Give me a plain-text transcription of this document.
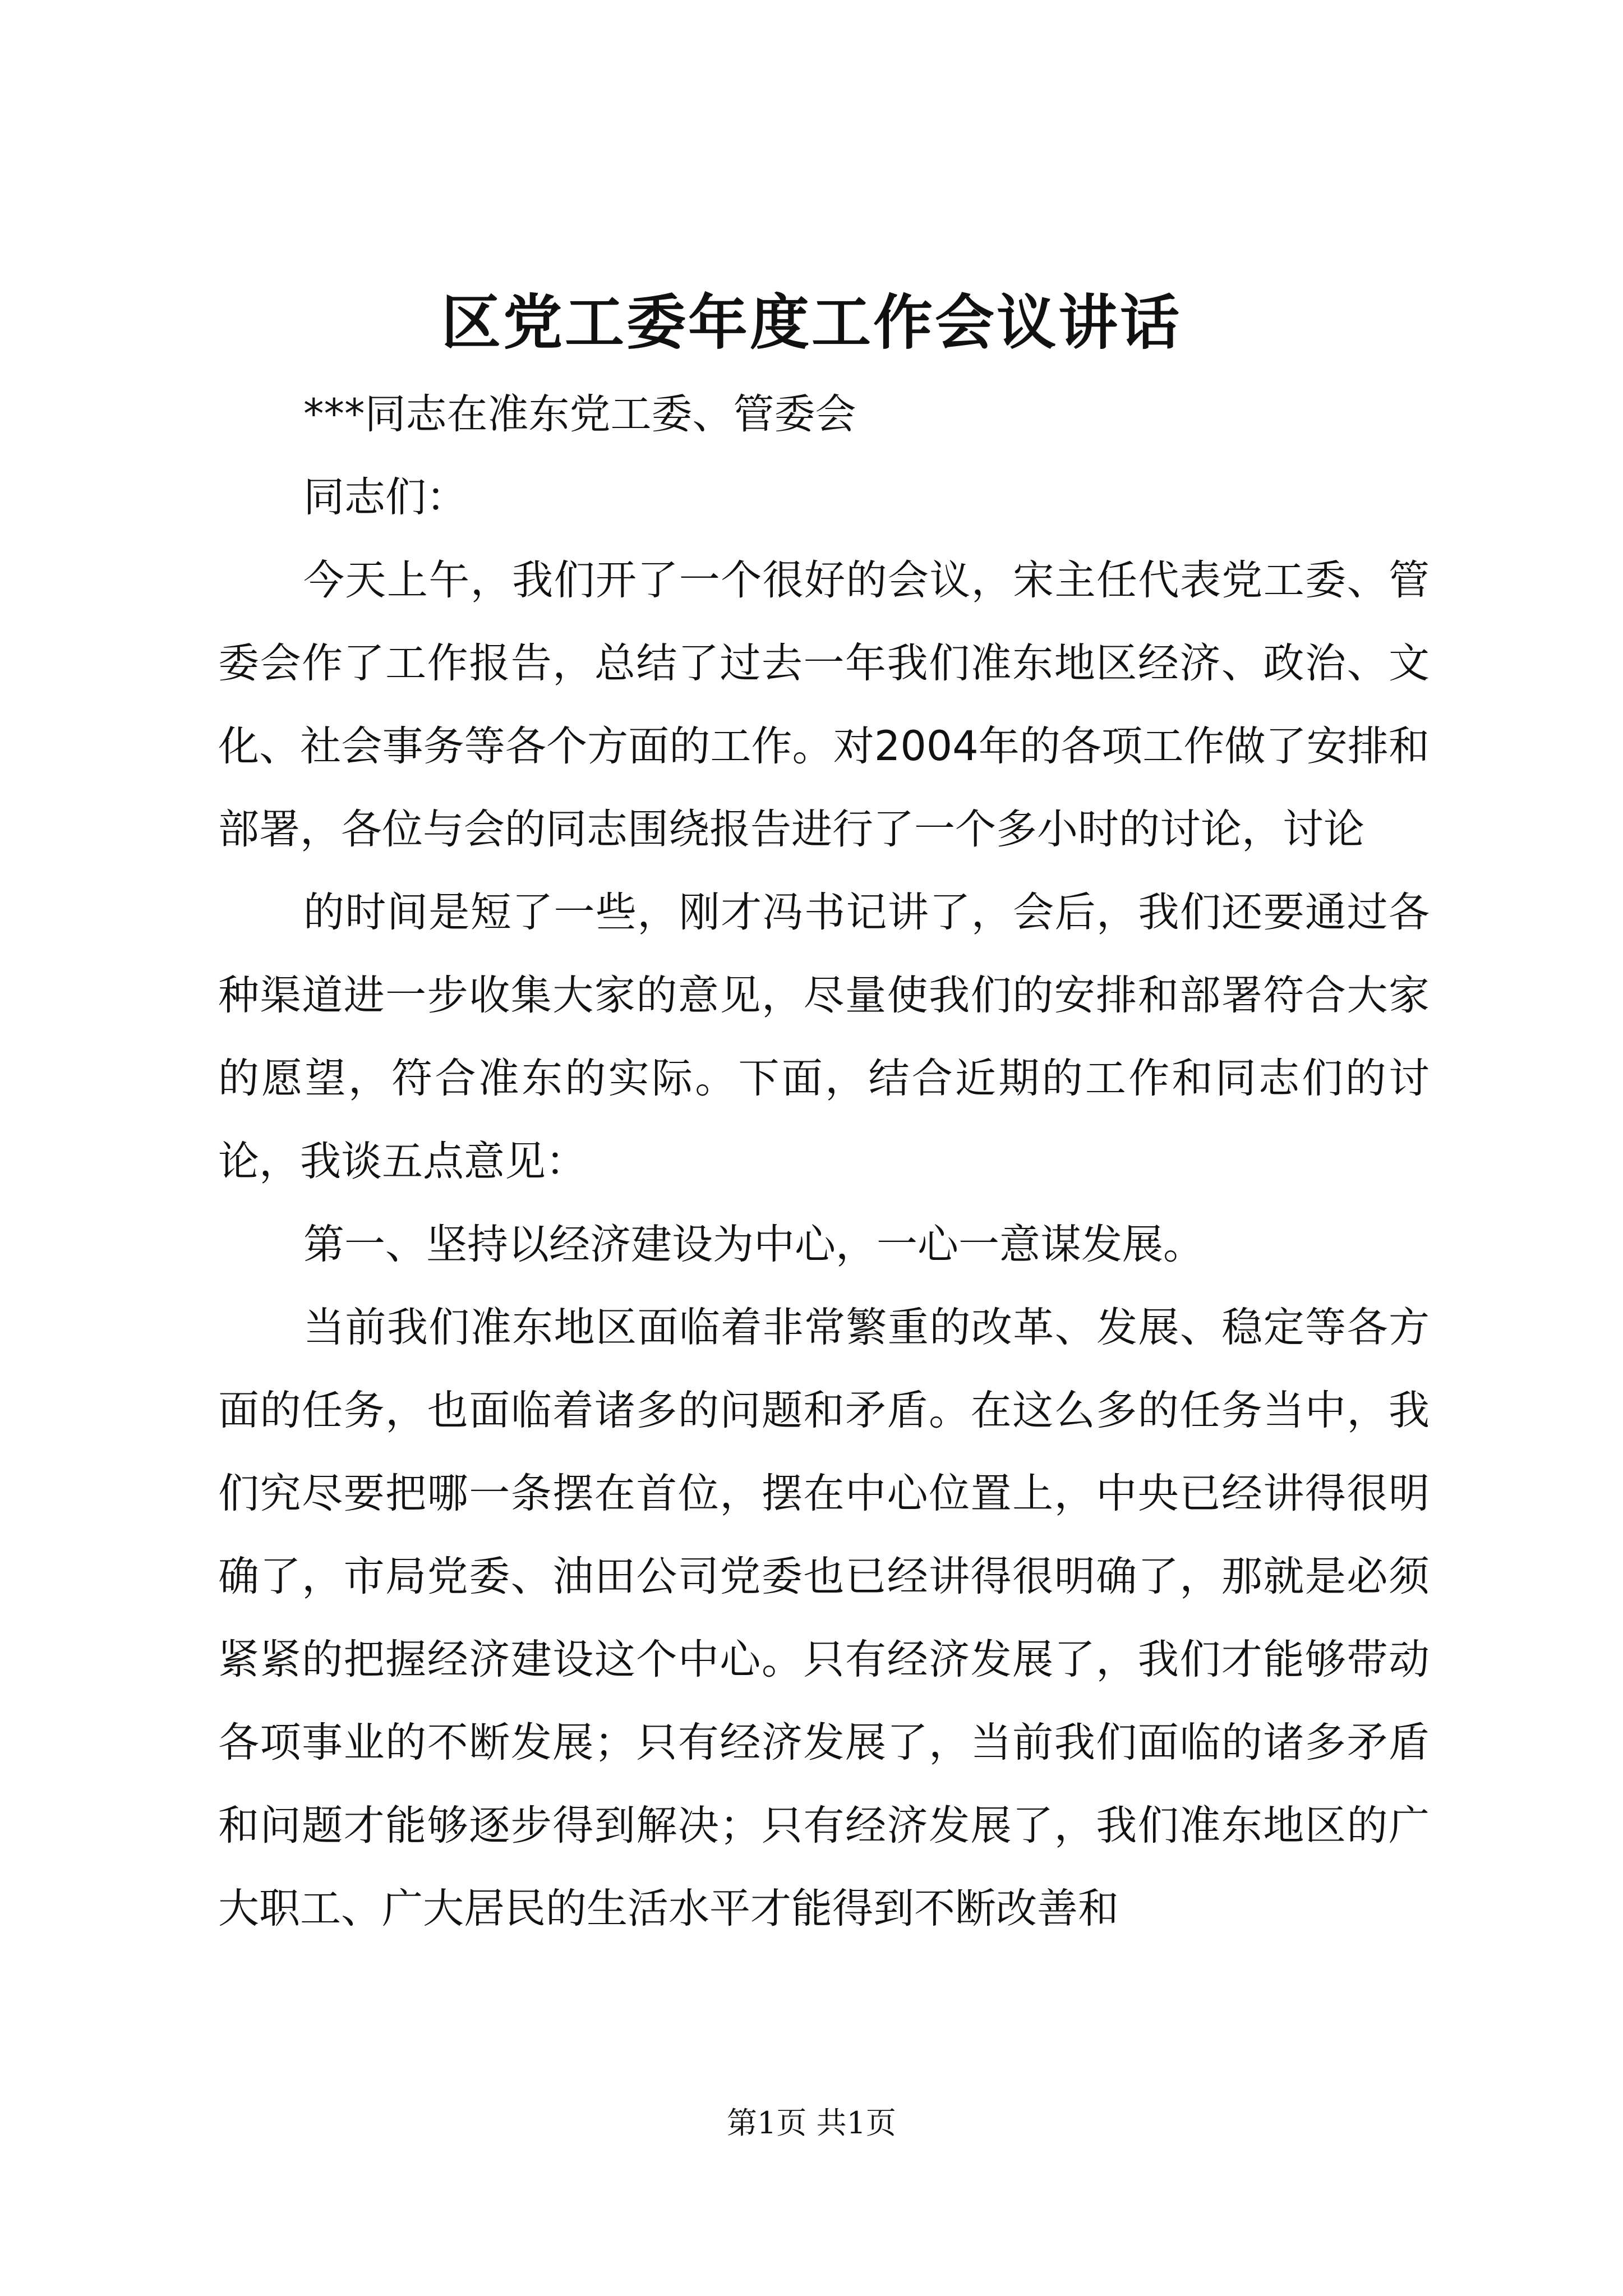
区党工委年度工作会议讲话

***同志在准东党工委、管委会

同志们：

今天上午，我们开了一个很好的会议，宋主任代表党工委、管委会作了工作报告，总结了过去一年我们准东地区经济、政治、文化、社会事务等各个方面的工作。对2004年的各项工作做了安排和部署，各位与会的同志围绕报告进行了一个多小时的讨论，讨论

的时间是短了一些，刚才冯书记讲了，会后，我们还要通过各种渠道进一步收集大家的意见，尽量使我们的安排和部署符合大家的愿望，符合准东的实际。下面，结合近期的工作和同志们的讨论，我谈五点意见：

第一、坚持以经济建设为中心，一心一意谋发展。

当前我们准东地区面临着非常繁重的改革、发展、稳定等各方面的任务，也面临着诸多的问题和矛盾。在这么多的任务当中，我们究尽要把哪一条摆在首位，摆在中心位置上，中央已经讲得很明确了，市局党委、油田公司党委也已经讲得很明确了，那就是必须紧紧的把握经济建设这个中心。只有经济发展了，我们才能够带动各项事业的不断发展；只有经济发展了，当前我们面临的诸多矛盾和问题才能够逐步得到解决；只有经济发展了，我们准东地区的广大职工、广大居民的生活水平才能得到不断改善和

第1页 共1页
